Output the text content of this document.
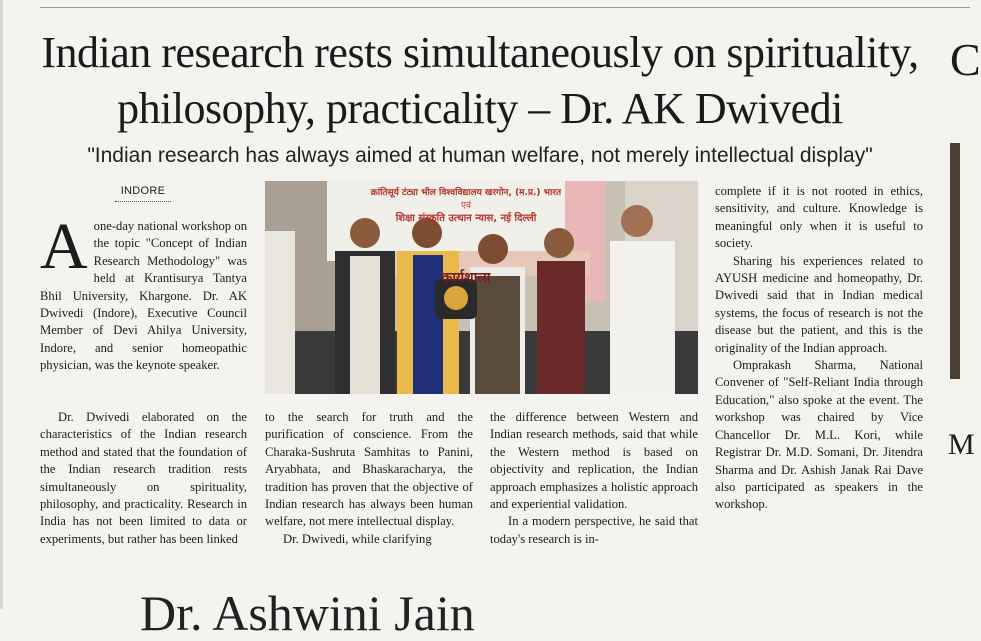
Indian research rests simultaneously on spirituality,
philosophy, practicality – Dr. AK Dwivedi

"Indian research has always aimed at human welfare, not merely intellectual display"

INDORE

Aone-day national workshop on the topic "Concept of Indian Research Methodology" was held at Krantisurya Tantya Bhil University, Khargone. Dr. AK Dwivedi (Indore), Executive Council Member of Devi Ahilya University, Indore, and senior homeopathic physician, was the keynote speaker.

Dr. Dwivedi elaborated on the characteristics of the Indian research method and stated that the foundation of the Indian research tradition rests simultaneously on spirituality, philosophy, and practicality. Research in India has not been limited to data or experiments, but rather has been linked

क्रांतिसूर्य टंट्या भील विश्वविद्यालय खरगोन, (म.प्र.) भारत
एवं
शिक्षा संस्कृति उत्थान न्यास, नई दिल्ली
कार्यशाला

to the search for truth and the purification of conscience. From the Charaka-Sushruta Samhitas to Panini, Aryabhata, and Bhaskaracharya, the tradition has proven that the objective of Indian research has always been human welfare, not mere intellectual display.

Dr. Dwivedi, while clarifying

the difference between Western and Indian research methods, said that while the Western method is based on objectivity and replication, the Indian approach emphasizes a holistic approach and experiential validation.

In a modern perspective, he said that today's research is in-

complete if it is not rooted in ethics, sensitivity, and culture. Knowledge is meaningful only when it is useful to society.

Sharing his experiences related to AYUSH medicine and homeopathy, Dr. Dwivedi said that in Indian medical systems, the focus of research is not the disease but the patient, and this is the originality of the Indian approach.

Omprakash Sharma, National Convener of "Self-Reliant India through Education," also spoke at the event. The workshop was chaired by Vice Chancellor Dr. M.L. Kori, while Registrar Dr. M.D. Somani, Dr. Jitendra Sharma and Dr. Ashish Janak Rai Dave also participated as speakers in the workshop.

Dr. Ashwini Jain
C
M
